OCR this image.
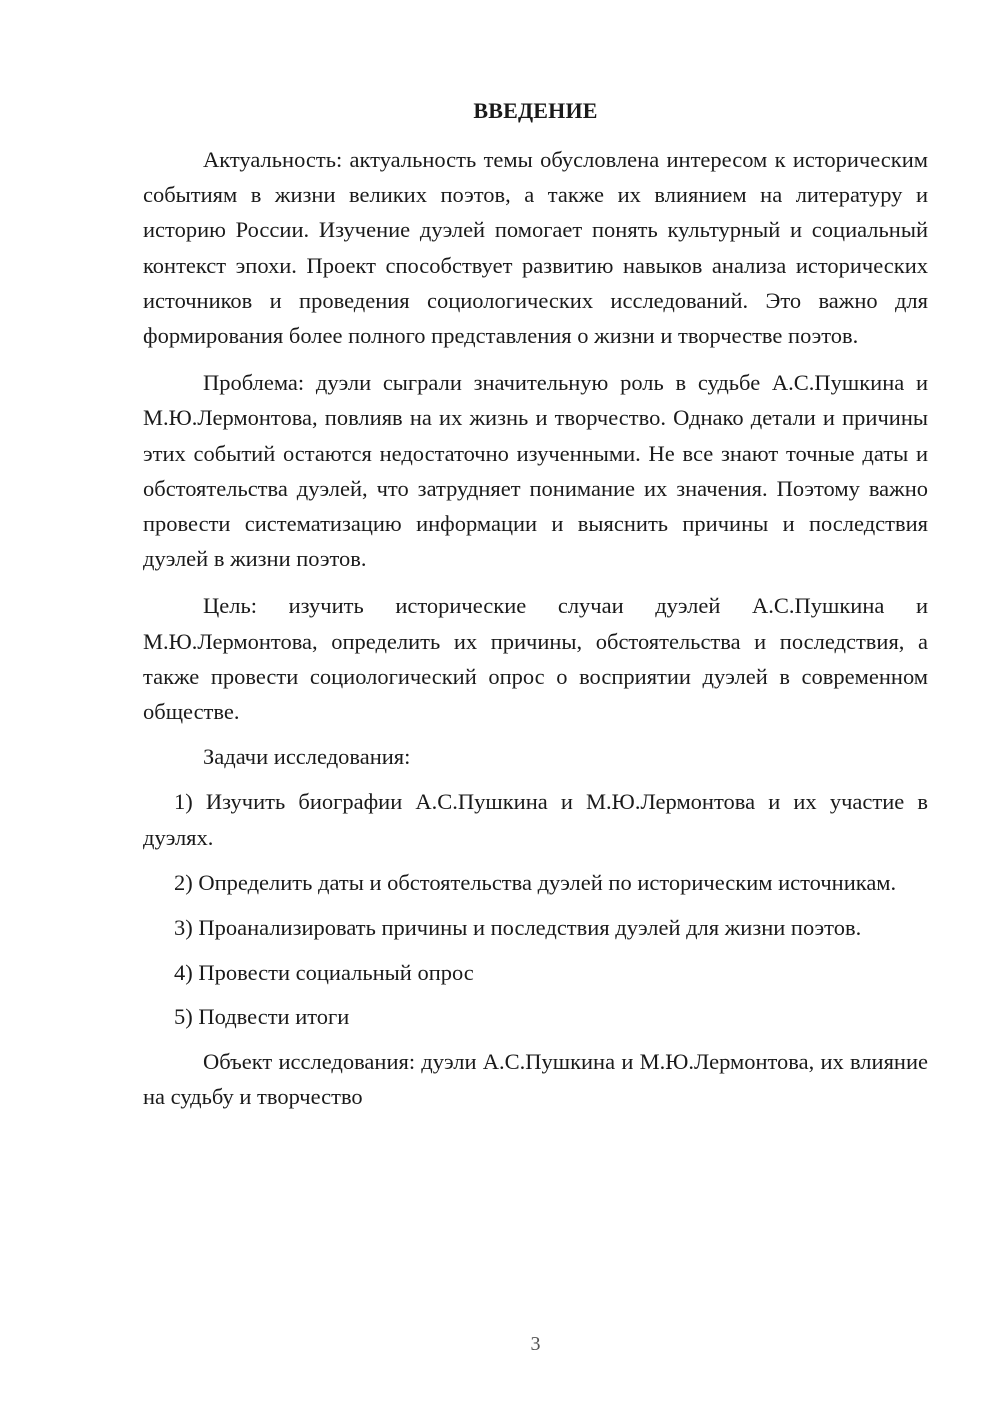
ВВЕДЕНИЕ

Актуальность: актуальность темы обусловлена интересом к историческим событиям в жизни великих поэтов, а также их влиянием на литературу и историю России. Изучение дуэлей помогает понять культурный и социальный контекст эпохи. Проект способствует развитию навыков анализа исторических источников и проведения социологических исследований. Это важно для формирования более полного представления о жизни и творчестве поэтов.

Проблема: дуэли сыграли значительную роль в судьбе А.С.Пушкина и М.Ю.Лермонтова, повлияв на их жизнь и творчество. Однако детали и причины этих событий остаются недостаточно изученными. Не все знают точные даты и обстоятельства дуэлей, что затрудняет понимание их значения. Поэтому важно провести систематизацию информации и выяснить причины и последствия дуэлей в жизни поэтов.

Цель: изучить исторические случаи дуэлей А.С.Пушкина и М.Ю.Лермонтова, определить их причины, обстоятельства и последствия, а также провести социологический опрос о восприятии дуэлей в современном обществе.

Задачи исследования:

1) Изучить биографии А.С.Пушкина и М.Ю.Лермонтова и их участие в дуэлях.

2) Определить даты и обстоятельства дуэлей по историческим источникам.

3) Проанализировать причины и последствия дуэлей для жизни поэтов.

4) Провести социальный опрос

5) Подвести итоги

Объект исследования: дуэли А.С.Пушкина и М.Ю.Лермонтова, их влияние на судьбу и творчество

3
